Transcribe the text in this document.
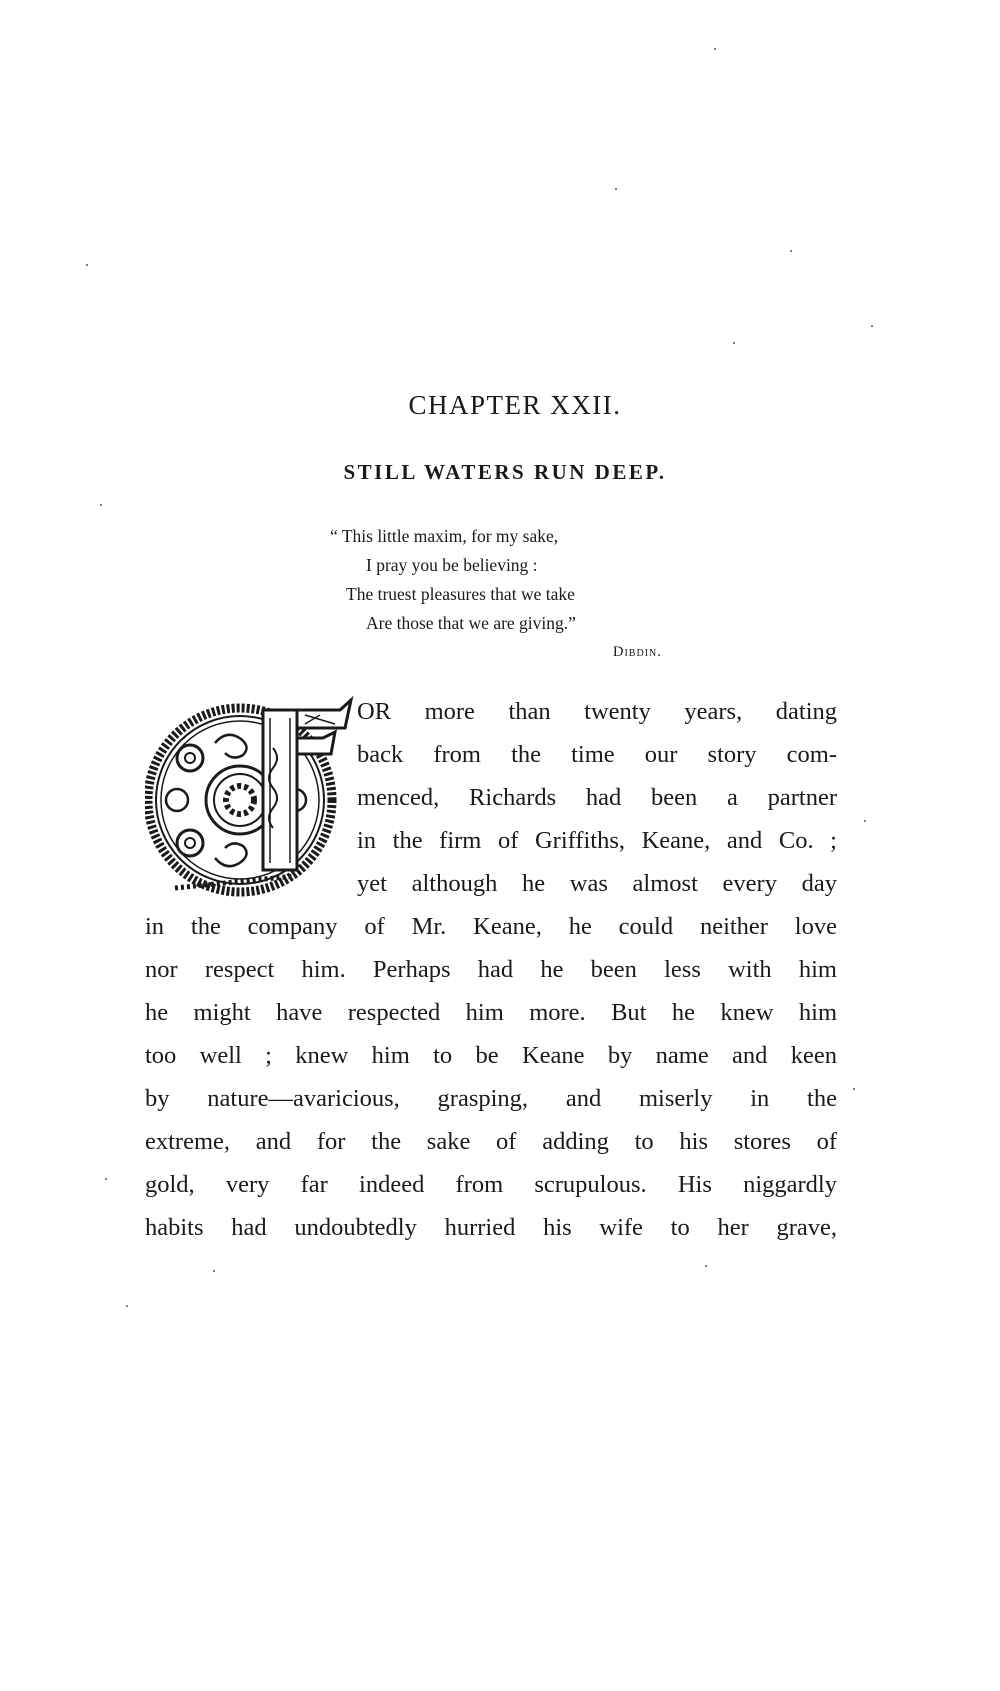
CHAPTER XXII.
STILL WATERS RUN DEEP.
“ This little maxim, for my sake,
I pray you be believing :
The truest pleasures that we take
Are those that we are giving.”
Dibdin.
OR more than twenty years, dating
back from the time our story com-
menced, Richards had been a partner
in the firm of Griffiths, Keane, and Co. ;
yet although he was almost every day
in the company of Mr. Keane, he could neither love
nor respect him. Perhaps had he been less with him
he might have respected him more. But he knew him
too well ; knew him to be Keane by name and keen
by nature—avaricious, grasping, and miserly in the
extreme, and for the sake of adding to his stores of
gold, very far indeed from scrupulous. His niggardly
habits had undoubtedly hurried his wife to her grave,
